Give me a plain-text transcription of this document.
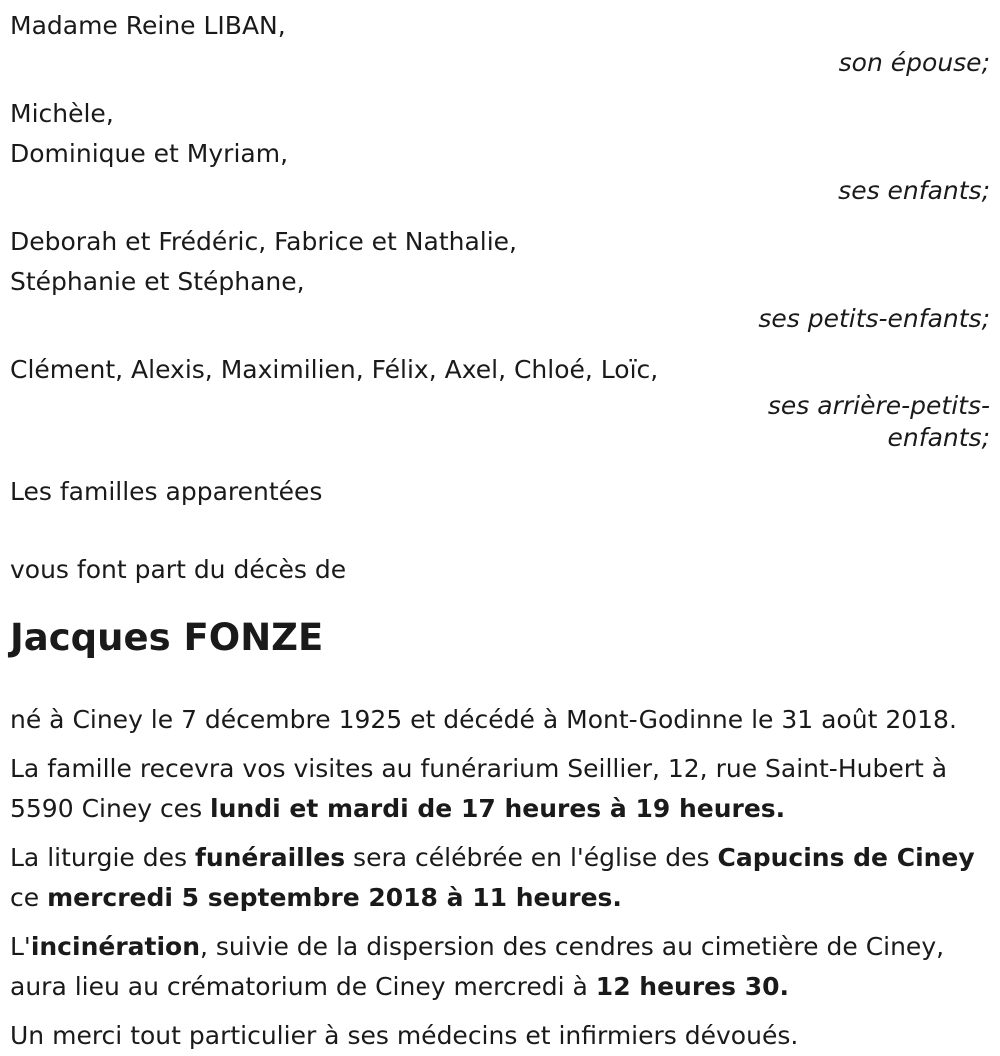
Madame Reine LIBAN,
son épouse;
Michèle,
Dominique et Myriam,
ses enfants;
Deborah et Frédéric, Fabrice et Nathalie,
Stéphanie et Stéphane,
ses petits-enfants;
Clément, Alexis, Maximilien, Félix, Axel, Chloé, Loïc,
ses arrière-petits-
enfants;
Les familles apparentées
vous font part du décès de
Jacques FONZE
né à Ciney le 7 décembre 1925 et décédé à Mont-Godinne le 31 août 2018.
La famille recevra vos visites au funérarium Seillier, 12, rue Saint-Hubert à 5590 Ciney ces lundi et mardi de 17 heures à 19 heures.
La liturgie des funérailles sera célébrée en l'église des Capucins de Ciney ce mercredi 5 septembre 2018 à 11 heures.
L'incinération, suivie de la dispersion des cendres au cimetière de Ciney, aura lieu au crématorium de Ciney mercredi à 12 heures 30.
Un merci tout particulier à ses médecins et infirmiers dévoués.
